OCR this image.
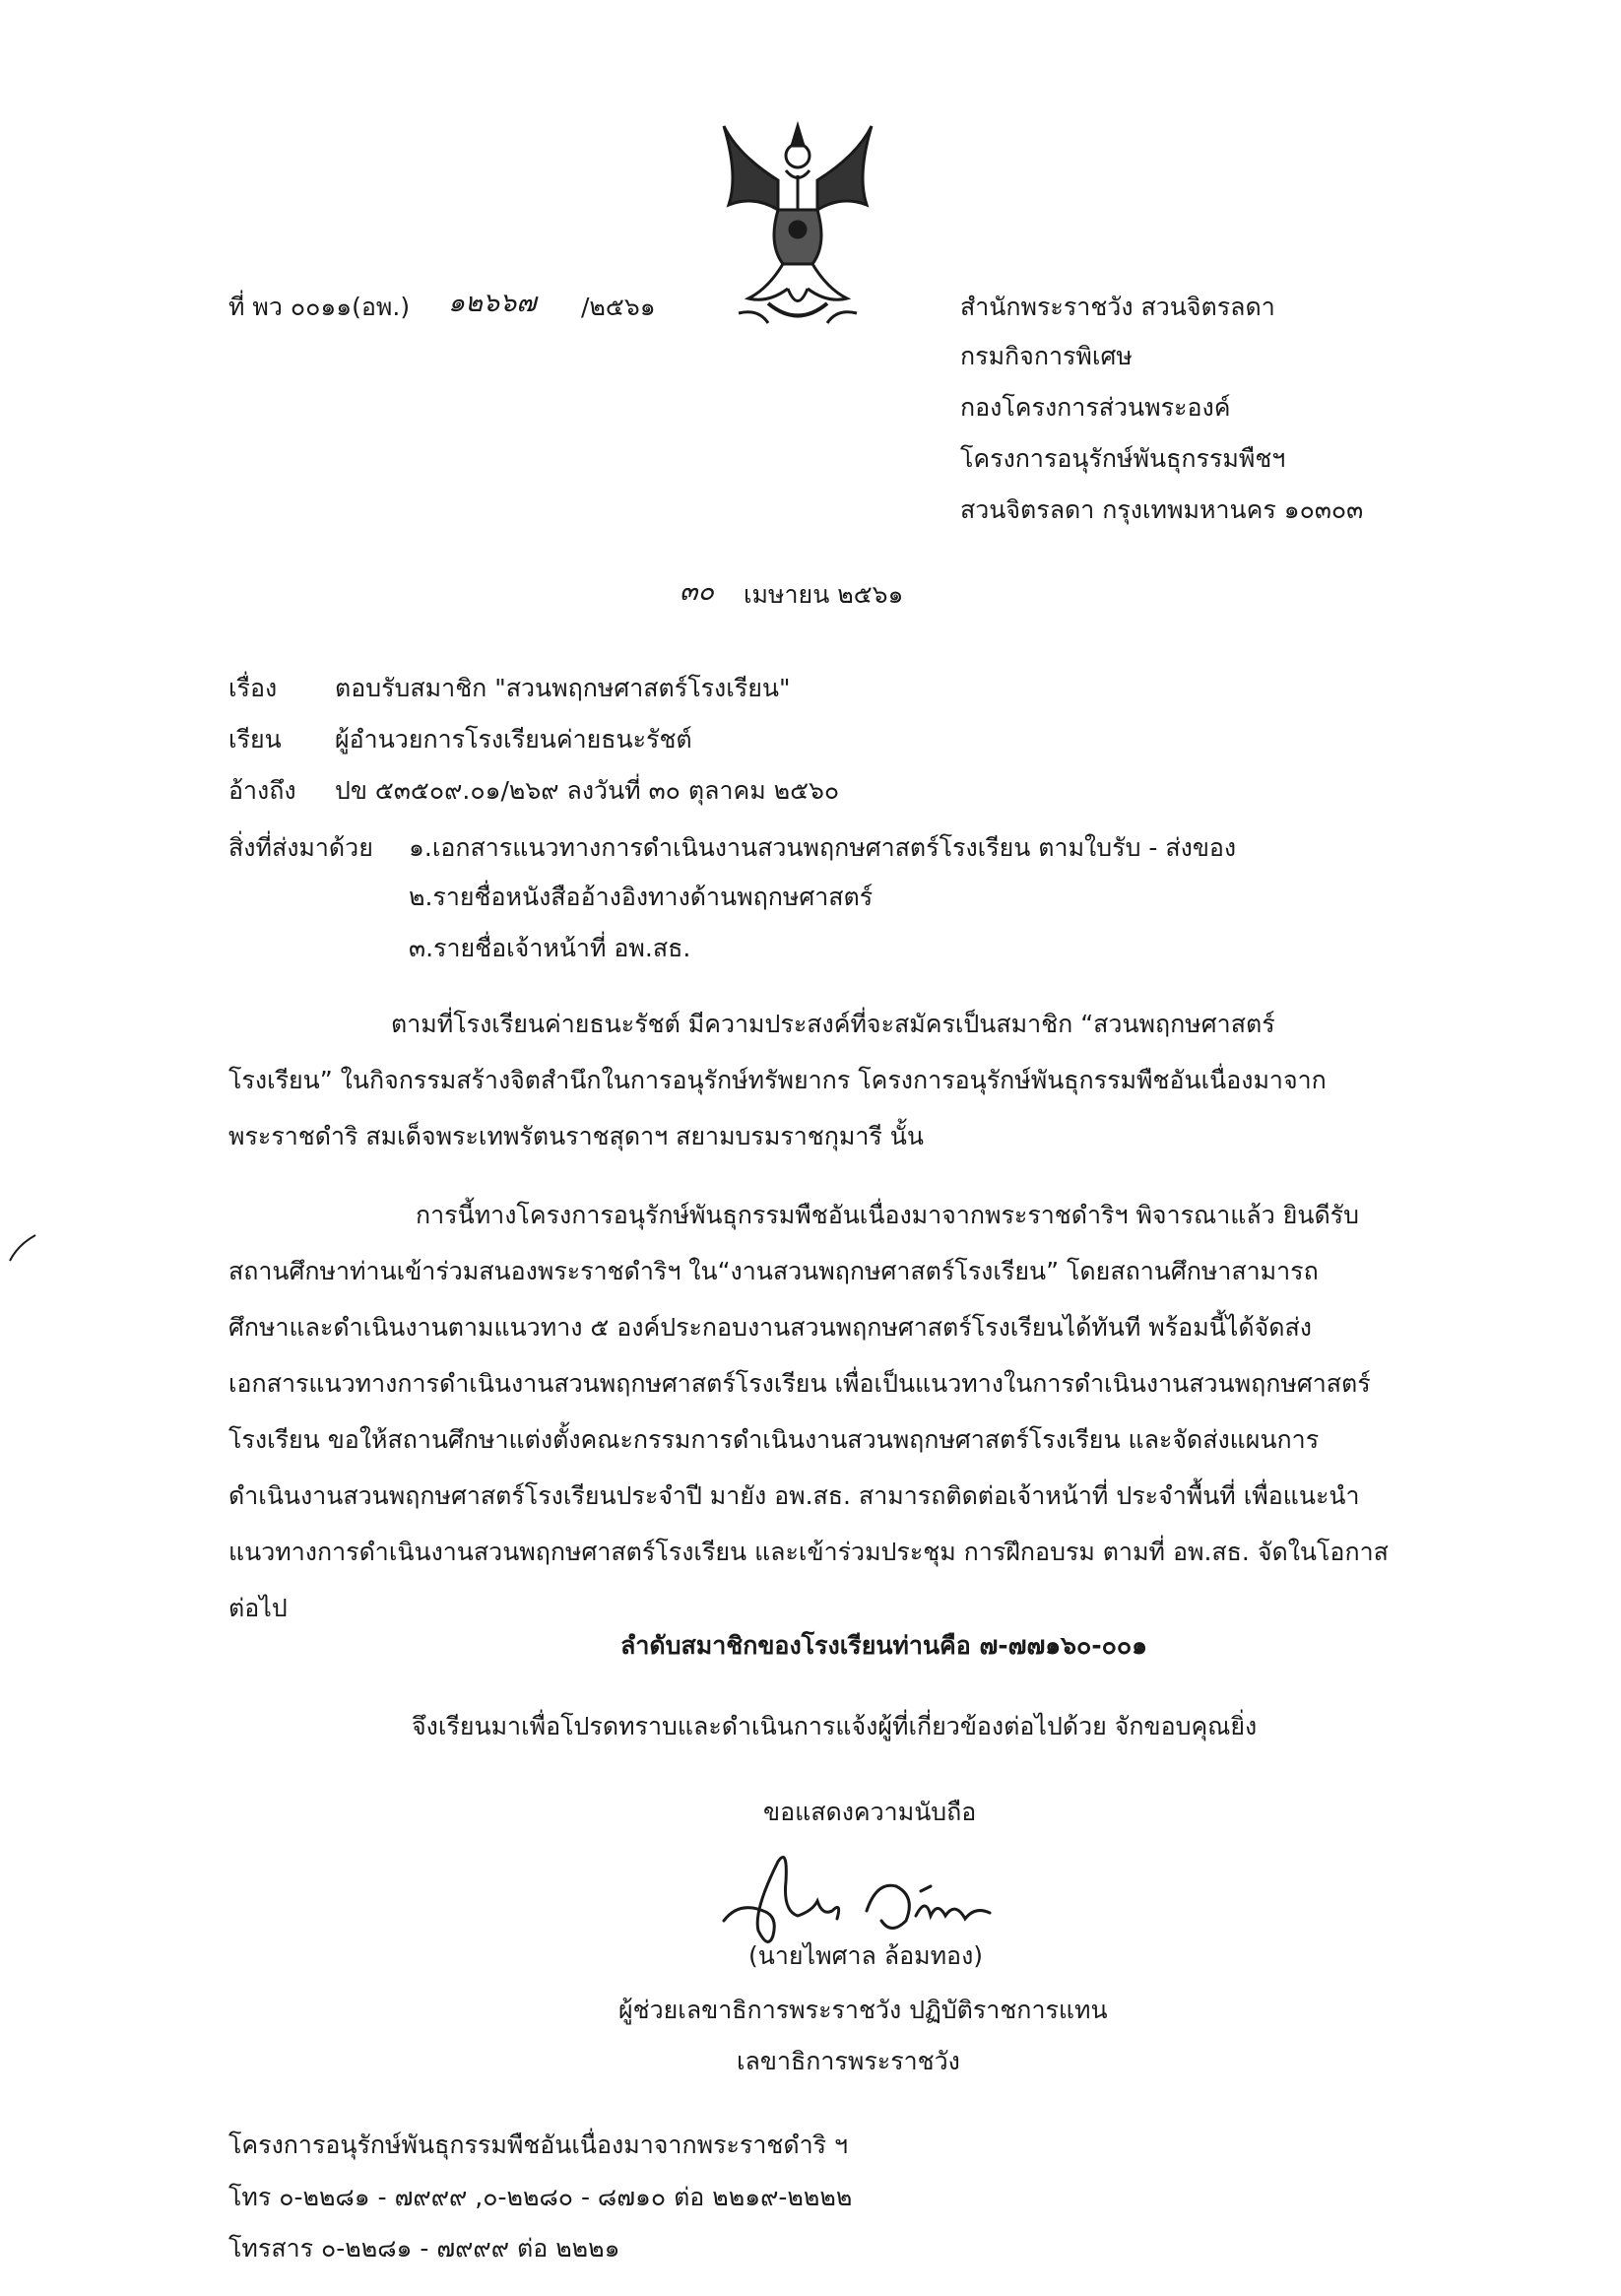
ที่ พว ๐๐๑๑(อพ.) ๑๒๖๖๗ /๒๕๖๑	สำนักพระราชวัง สวนจิตรลดา
กรมกิจการพิเศษ
กองโครงการส่วนพระองค์
โครงการอนุรักษ์พันธุกรรมพืชฯ
สวนจิตรลดา กรุงเทพมหานคร ๑๐๓๐๓
๓๐ เมษายน ๒๕๖๑
เรื่อง ตอบรับสมาชิก "สวนพฤกษศาสตร์โรงเรียน"
เรียน ผู้อำนวยการโรงเรียนค่ายธนะรัชต์
อ้างถึง ปข ๕๓๕๐๙.๐๑/๒๖๙ ลงวันที่ ๓๐ ตุลาคม ๒๕๖๐
สิ่งที่ส่งมาด้วย ๑.เอกสารแนวทางการดำเนินงานสวนพฤกษศาสตร์โรงเรียน ตามใบรับ - ส่งของ
๒.รายชื่อหนังสืออ้างอิงทางด้านพฤกษศาสตร์
๓.รายชื่อเจ้าหน้าที่ อพ.สธ.
ตามที่โรงเรียนค่ายธนะรัชต์ มีความประสงค์ที่จะสมัครเป็นสมาชิก “สวนพฤกษศาสตร์
โรงเรียน” ในกิจกรรมสร้างจิตสำนึกในการอนุรักษ์ทรัพยากร โครงการอนุรักษ์พันธุกรรมพืชอันเนื่องมาจาก
พระราชดำริ สมเด็จพระเทพรัตนราชสุดาฯ สยามบรมราชกุมารี นั้น
การนี้ทางโครงการอนุรักษ์พันธุกรรมพืชอันเนื่องมาจากพระราชดำริฯ พิจารณาแล้ว ยินดีรับ
สถานศึกษาท่านเข้าร่วมสนองพระราชดำริฯ ใน“งานสวนพฤกษศาสตร์โรงเรียน” โดยสถานศึกษาสามารถ
ศึกษาและดำเนินงานตามแนวทาง ๕ องค์ประกอบงานสวนพฤกษศาสตร์โรงเรียนได้ทันที พร้อมนี้ได้จัดส่ง
เอกสารแนวทางการดำเนินงานสวนพฤกษศาสตร์โรงเรียน เพื่อเป็นแนวทางในการดำเนินงานสวนพฤกษศาสตร์
โรงเรียน ขอให้สถานศึกษาแต่งตั้งคณะกรรมการดำเนินงานสวนพฤกษศาสตร์โรงเรียน และจัดส่งแผนการ
ดำเนินงานสวนพฤกษศาสตร์โรงเรียนประจำปี มายัง อพ.สธ. สามารถติดต่อเจ้าหน้าที่ ประจำพื้นที่ เพื่อแนะนำ
แนวทางการดำเนินงานสวนพฤกษศาสตร์โรงเรียน และเข้าร่วมประชุม การฝึกอบรม ตามที่ อพ.สธ. จัดในโอกาส
ต่อไป
ลำดับสมาชิกของโรงเรียนท่านคือ ๗-๗๗๑๖๐-๐๐๑
จึงเรียนมาเพื่อโปรดทราบและดำเนินการแจ้งผู้ที่เกี่ยวข้องต่อไปด้วย จักขอบคุณยิ่ง
ขอแสดงความนับถือ
(นายไพศาล ล้อมทอง)
ผู้ช่วยเลขาธิการพระราชวัง ปฏิบัติราชการแทน
เลขาธิการพระราชวัง
โครงการอนุรักษ์พันธุกรรมพืชอันเนื่องมาจากพระราชดำริ ฯ
โทร ๐-๒๒๘๑ - ๗๙๙๙ ,๐-๒๒๘๐ - ๘๗๑๐ ต่อ ๒๒๑๙-๒๒๒๒
โทรสาร ๐-๒๒๘๑ - ๗๙๙๙ ต่อ ๒๒๒๑
